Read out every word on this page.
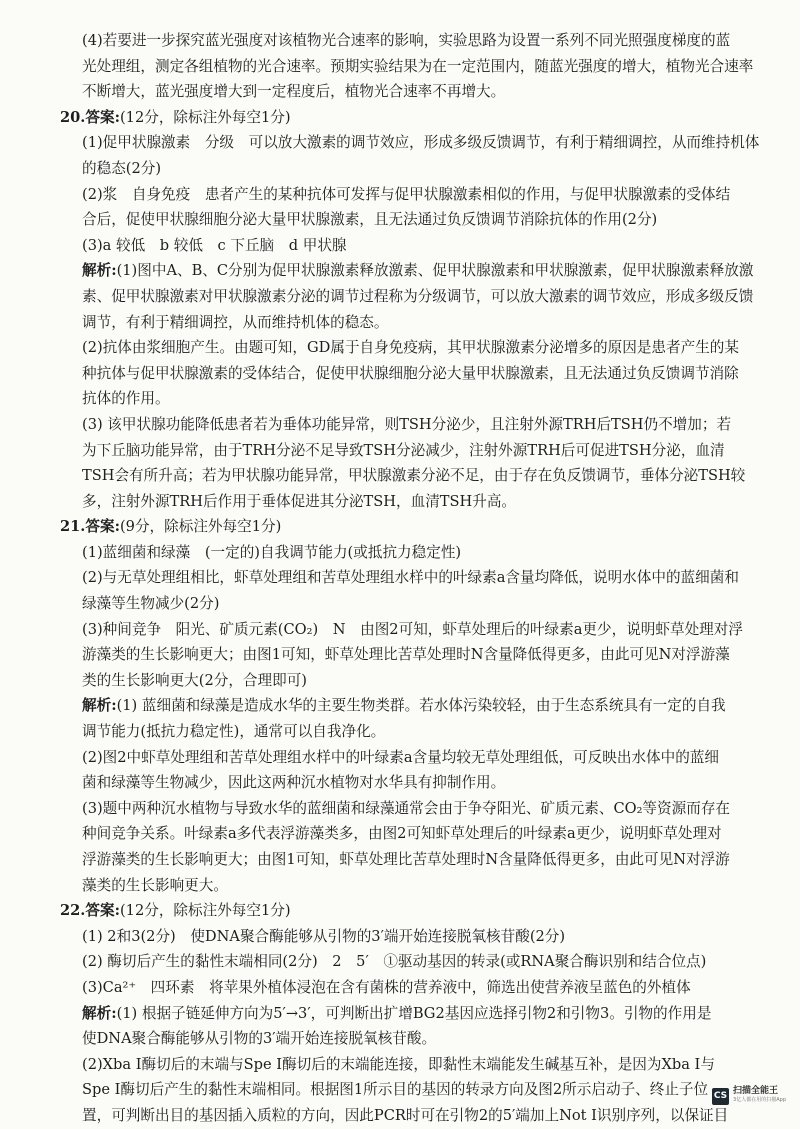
(4)若要进一步探究蓝光强度对该植物光合速率的影响，实验思路为设置一系列不同光照强度梯度的蓝
光处理组，测定各组植物的光合速率。预期实验结果为在一定范围内，随蓝光强度的增大，植物光合速率
不断增大，蓝光强度增大到一定程度后，植物光合速率不再增大。
20.答案:(12分，除标注外每空1分)
(1)促甲状腺激素　分级　可以放大激素的调节效应，形成多级反馈调节，有利于精细调控，从而维持机体
的稳态(2分)
(2)浆　自身免疫　患者产生的某种抗体可发挥与促甲状腺激素相似的作用，与促甲状腺激素的受体结
合后，促使甲状腺细胞分泌大量甲状腺激素，且无法通过负反馈调节消除抗体的作用(2分)
(3)a 较低　b 较低　c 下丘脑　d 甲状腺
解析:(1)图中A、B、C分别为促甲状腺激素释放激素、促甲状腺激素和甲状腺激素，促甲状腺激素释放激
素、促甲状腺激素对甲状腺激素分泌的调节过程称为分级调节，可以放大激素的调节效应，形成多级反馈
调节，有利于精细调控，从而维持机体的稳态。
(2)抗体由浆细胞产生。由题可知，GD属于自身免疫病，其甲状腺激素分泌增多的原因是患者产生的某
种抗体与促甲状腺激素的受体结合，促使甲状腺细胞分泌大量甲状腺激素，且无法通过负反馈调节消除
抗体的作用。
(3) 该甲状腺功能降低患者若为垂体功能异常，则TSH分泌少，且注射外源TRH后TSH仍不增加；若
为下丘脑功能异常，由于TRH分泌不足导致TSH分泌减少，注射外源TRH后可促进TSH分泌，血清
TSH会有所升高；若为甲状腺功能异常，甲状腺激素分泌不足，由于存在负反馈调节，垂体分泌TSH较
多，注射外源TRH后作用于垂体促进其分泌TSH，血清TSH升高。
21.答案:(9分，除标注外每空1分)
(1)蓝细菌和绿藻　(一定的)自我调节能力(或抵抗力稳定性)
(2)与无草处理组相比，虾草处理组和苦草处理组水样中的叶绿素a含量均降低，说明水体中的蓝细菌和
绿藻等生物减少(2分)
(3)种间竞争　阳光、矿质元素(CO₂)　N　由图2可知，虾草处理后的叶绿素a更少，说明虾草处理对浮
游藻类的生长影响更大；由图1可知，虾草处理比苦草处理时N含量降低得更多，由此可见N对浮游藻
类的生长影响更大(2分，合理即可)
解析:(1) 蓝细菌和绿藻是造成水华的主要生物类群。若水体污染较轻，由于生态系统具有一定的自我
调节能力(抵抗力稳定性)，通常可以自我净化。
(2)图2中虾草处理组和苦草处理组水样中的叶绿素a含量均较无草处理组低，可反映出水体中的蓝细
菌和绿藻等生物减少，因此这两种沉水植物对水华具有抑制作用。
(3)题中两种沉水植物与导致水华的蓝细菌和绿藻通常会由于争夺阳光、矿质元素、CO₂等资源而存在
种间竞争关系。叶绿素a多代表浮游藻类多，由图2可知虾草处理后的叶绿素a更少，说明虾草处理对
浮游藻类的生长影响更大；由图1可知，虾草处理比苦草处理时N含量降低得更多，由此可见N对浮游
藻类的生长影响更大。
22.答案:(12分，除标注外每空1分)
(1) 2和3(2分)　使DNA聚合酶能够从引物的3′端开始连接脱氧核苷酸(2分)
(2) 酶切后产生的黏性末端相同(2分)　2　5′　①驱动基因的转录(或RNA聚合酶识别和结合位点)
(3)Ca²⁺　四环素　将苹果外植体浸泡在含有菌株的营养液中，筛选出使营养液呈蓝色的外植体
解析:(1) 根据子链延伸方向为5′→3′，可判断出扩增BG2基因应选择引物2和引物3。引物的作用是
使DNA聚合酶能够从引物的3′端开始连接脱氧核苷酸。
(2)Xba Ⅰ酶切后的末端与Spe Ⅰ酶切后的末端能连接，即黏性末端能发生碱基互补，是因为Xba Ⅰ与
Spe Ⅰ酶切后产生的黏性末端相同。根据图1所示目的基因的转录方向及图2所示启动子、终止子位
置，可判断出目的基因插入质粒的方向，因此PCR时可在引物2的5′端加上Not Ⅰ识别序列，以保证目
CS 扫描全能王
3亿人都在用的扫描App
